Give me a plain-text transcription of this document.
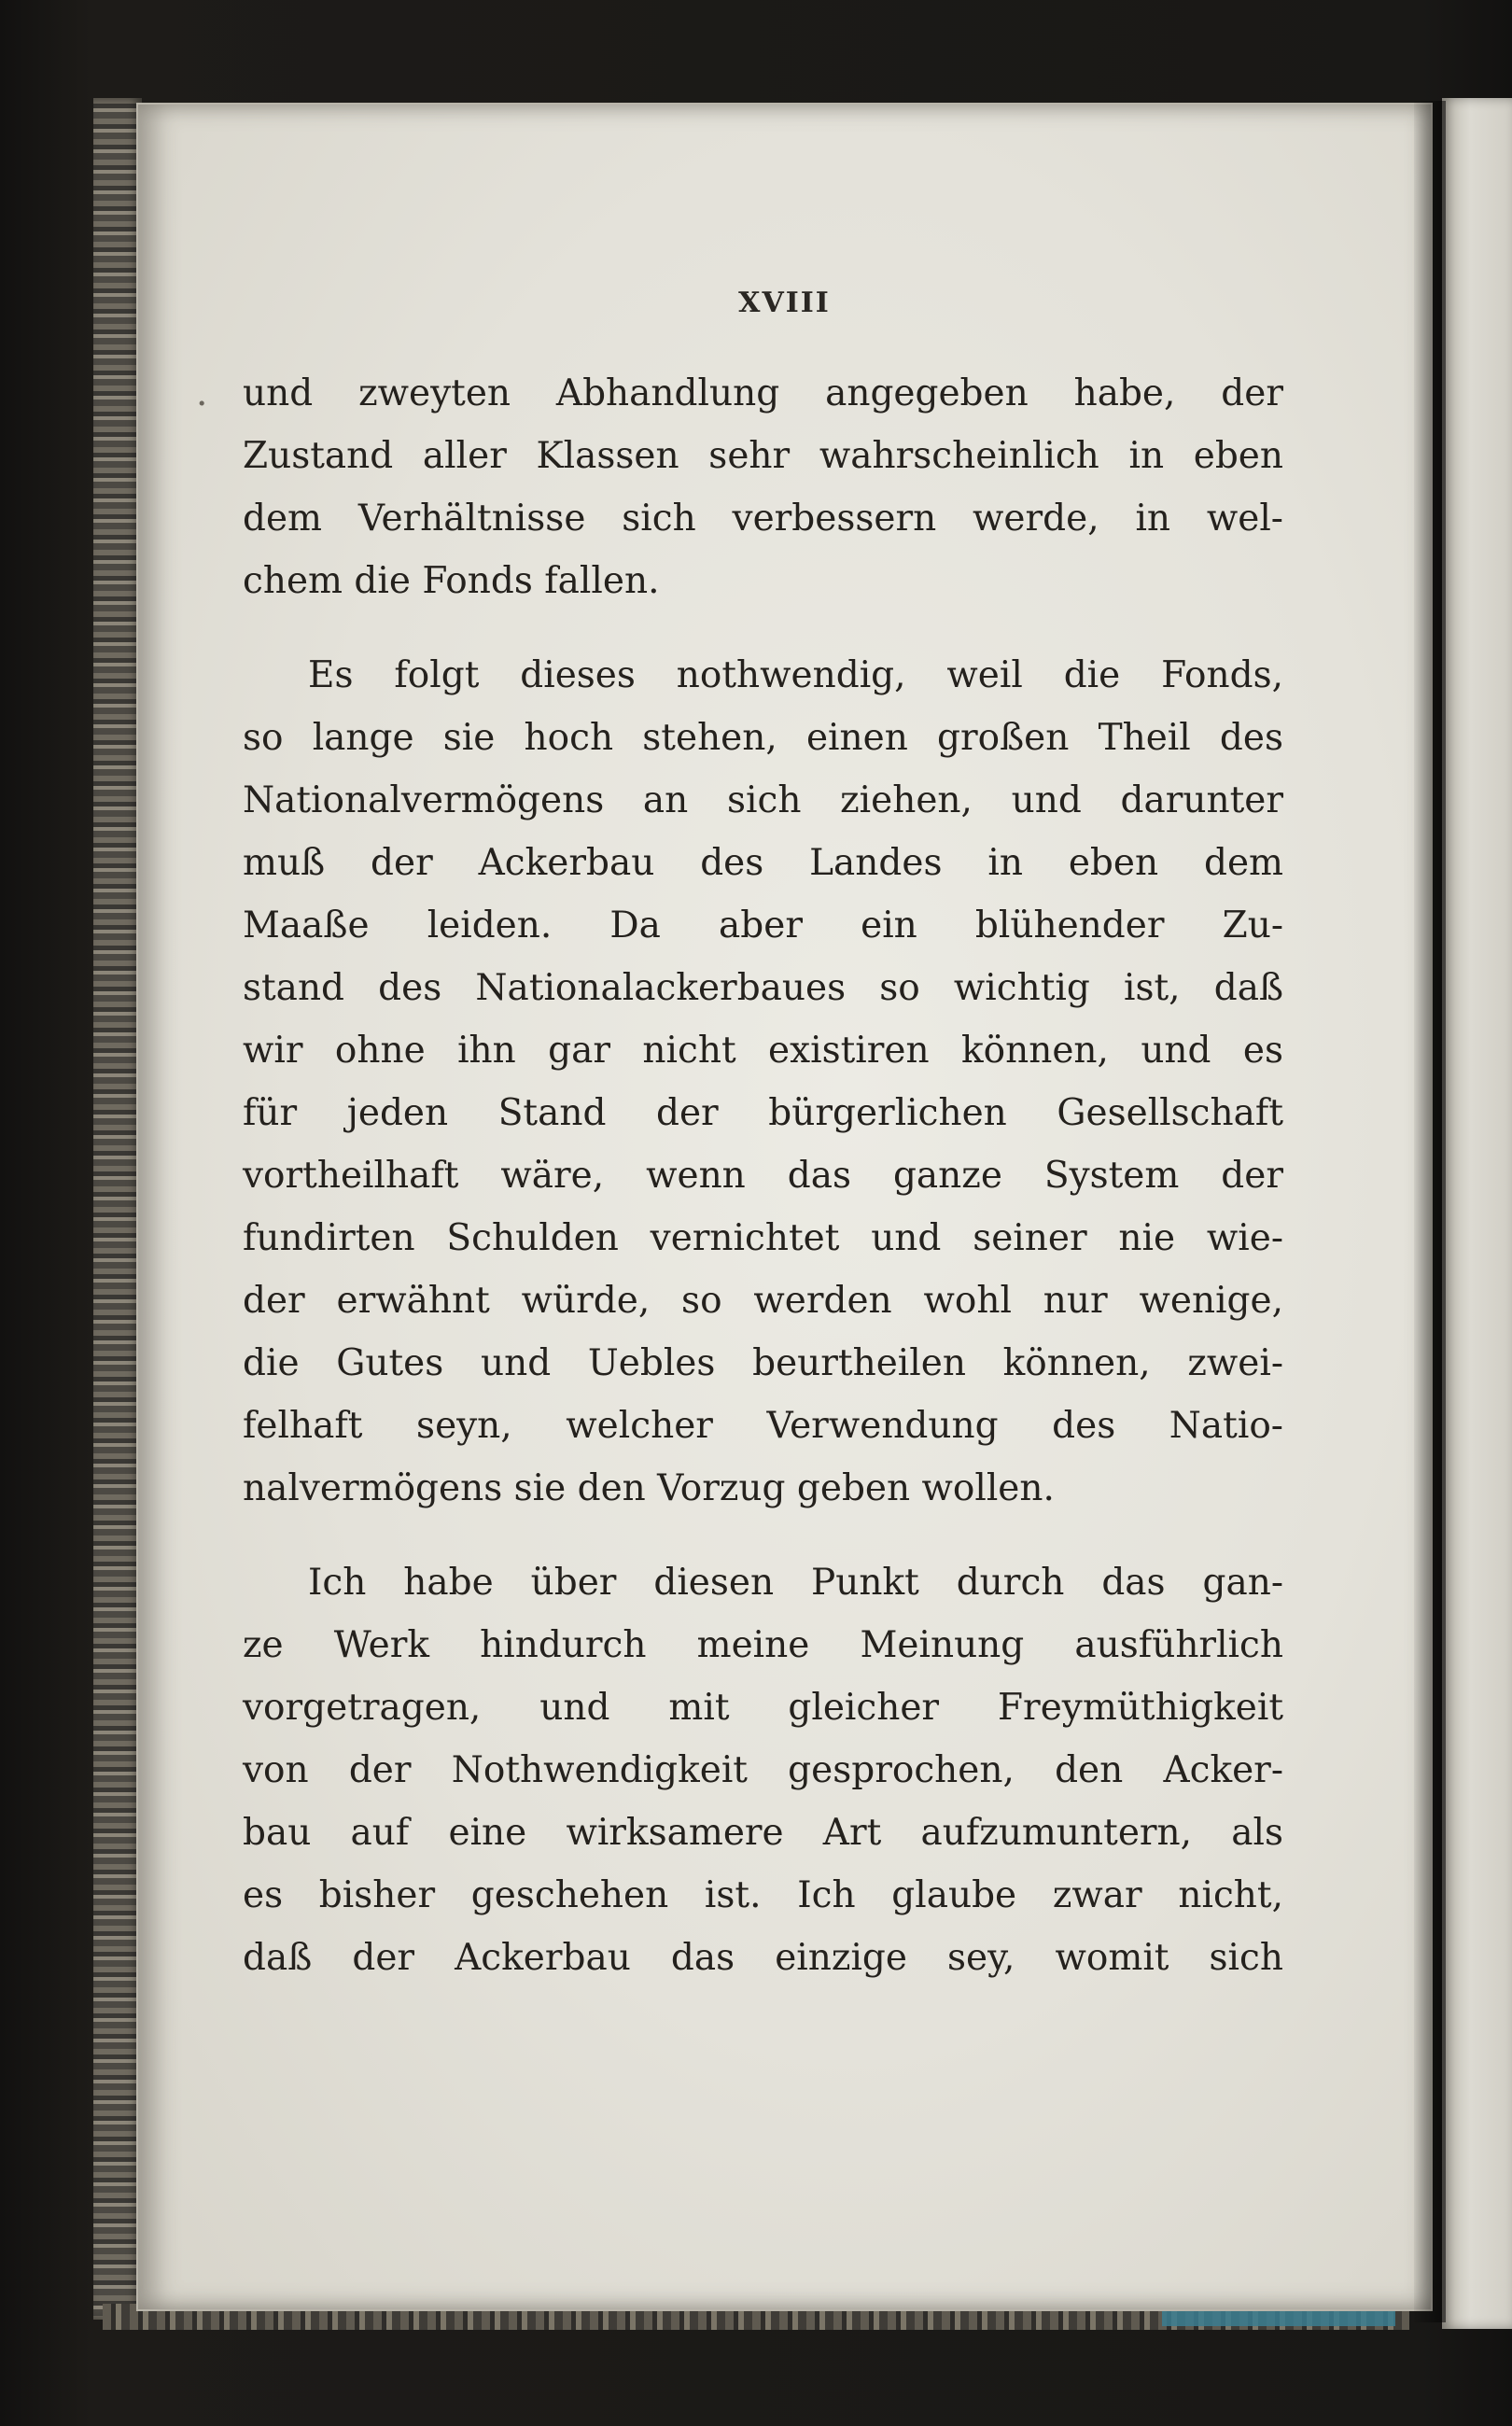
XVIII
. und zweyten Abhandlung angegeben habe, der
Zustand aller Klassen sehr wahrscheinlich in eben
dem Verhältnisse sich verbessern werde, in wel-
chem die Fonds fallen.
Es folgt dieses nothwendig, weil die Fonds,
so lange sie hoch stehen, einen großen Theil des
Nationalvermögens an sich ziehen, und darunter
muß der Ackerbau des Landes in eben dem
Maaße leiden. Da aber ein blühender Zu-
stand des Nationalackerbaues so wichtig ist, daß
wir ohne ihn gar nicht existiren können, und es
für jeden Stand der bürgerlichen Gesellschaft
vortheilhaft wäre, wenn das ganze System der
fundirten Schulden vernichtet und seiner nie wie-
der erwähnt würde, so werden wohl nur wenige,
die Gutes und Uebles beurtheilen können, zwei-
felhaft seyn, welcher Verwendung des Natio-
nalvermögens sie den Vorzug geben wollen.
Ich habe über diesen Punkt durch das gan-
ze Werk hindurch meine Meinung ausführlich
vorgetragen, und mit gleicher Freymüthigkeit
von der Nothwendigkeit gesprochen, den Acker-
bau auf eine wirksamere Art aufzumuntern, als
es bisher geschehen ist. Ich glaube zwar nicht,
daß der Ackerbau das einzige sey, womit sich
